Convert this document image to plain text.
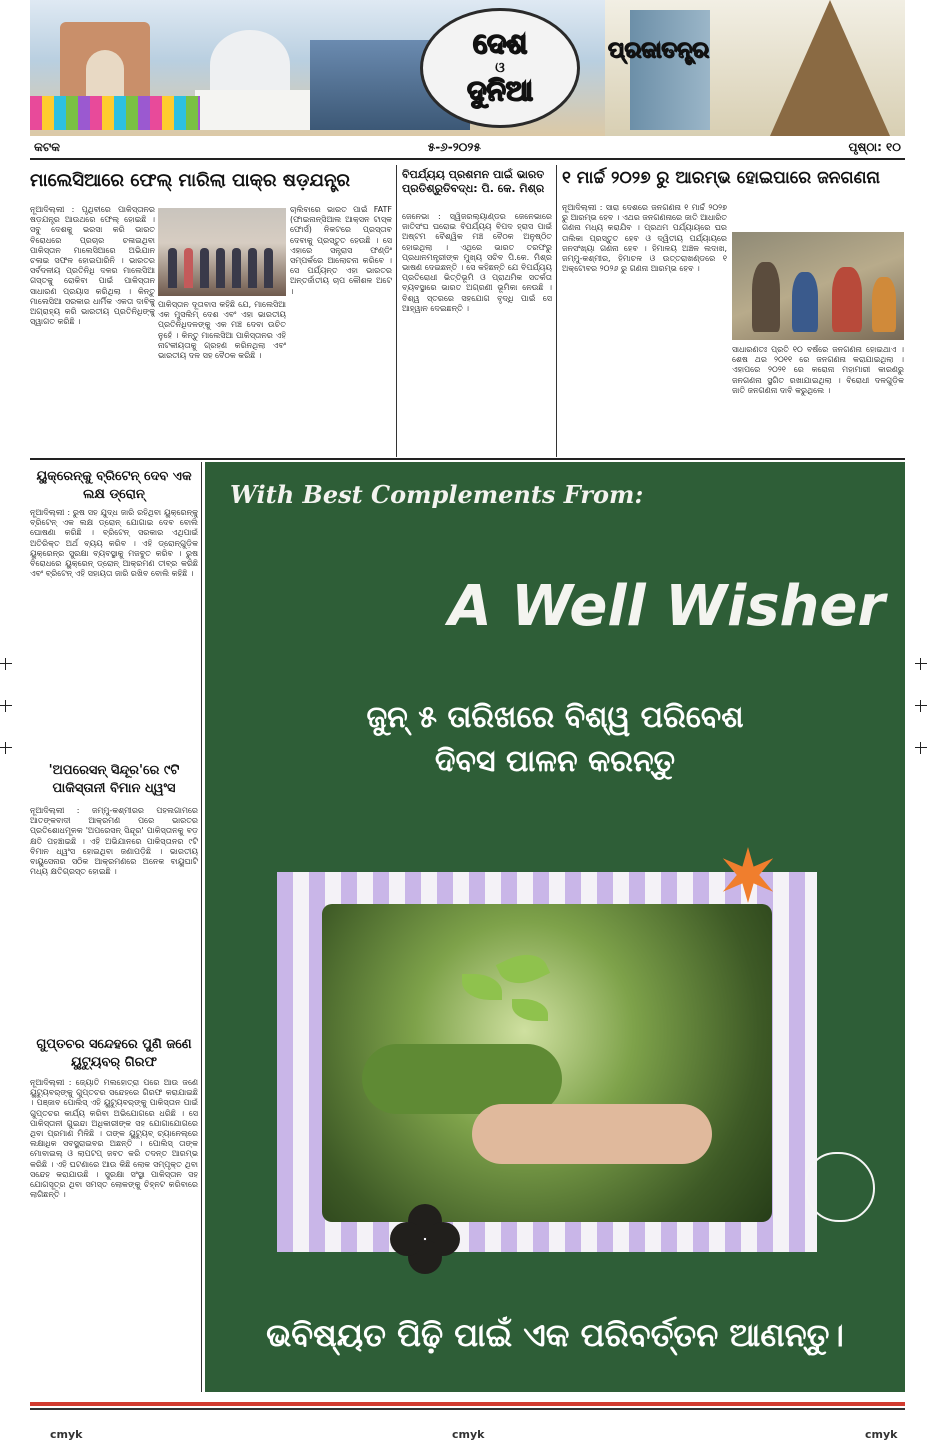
ଦେଶ
ଓ
ଦୁନିଆ
ପ୍ରଜାତନ୍ତ୍ର
କଟକ	୫-୬-୨୦୨୫	ପୃଷ୍ଠା: ୧୦
ମାଲେସିଆରେ ଫେଲ୍ ମାରିଲା ପାକ୍‌ର ଷଡ଼ଯନ୍ତ୍ର
ନୂଆଦିଲ୍ଲୀ : ପୃଥିବୀରେ ପାକିସ୍ତାନର ଷଡ଼ଯନ୍ତ୍ର ଆଉଥରେ ଫେଲ୍ ହୋଇଛି । ସବୁ ଦେଶକୁ ଭରସା କରି ଭାରତ ବିରୋଧରେ ପ୍ରଚାର ଚଳାଇଥିବା ପାକିସ୍ତାନ ମାଲେସିଆରେ ଅଭିଯାନ ଚଳାଇ ସଫଳ ହୋଇପାରିନି । ଭାରତର ସର୍ବଦଳୀୟ ପ୍ରତିନିଧି ଦଳର ମାଲେସିଆ ଗସ୍ତକୁ ରୋକିବା ପାଇଁ ପାକିସ୍ତାନ ସାଧାରଣ ପ୍ରୟାସ କରିଥିଲା । କିନ୍ତୁ ମାଲେସିଆ ସରକାର ଧାର୍ମିକ ଏକତା ଦାବିକୁ ଅଗ୍ରାହ୍ୟ କରି ଭାରତୀୟ ପ୍ରତିନିଧିଙ୍କୁ ସ୍ୱାଗତ କରିଛି ।
ପାକିସ୍ତାନ ଦୂତାବାସ କହିଛି ଯେ, ମାଲେସିଆ ଏକ ମୁସଲିମ୍ ଦେଶ ଏବଂ ଏହା ଭାରତୀୟ ପ୍ରତିନିଧିଦଳଙ୍କୁ ଏକ ମଞ୍ଚ ଦେବା ଉଚିତ ନୁହେଁ । କିନ୍ତୁ ମାଲେସିଆ ପାକିସ୍ତାନର ଏହି ନାଟକୀୟତାକୁ ଗ୍ରହଣ କରିନଥିଲା ଏବଂ ଭାରତୀୟ ଦଳ ସହ ବୈଠକ କରିଛି ।
ଚାଲିବାରେ ଭାରତ ପାଇଁ FATF (ଫାଇନାନ୍ସିଆଲ ଆକ୍ସନ ଟାସ୍କ ଫୋର୍ସ) ନିକଟରେ ପ୍ରସ୍ତାବ ଦେବାକୁ ପ୍ରସ୍ତୁତ ହେଉଛି । ସେ ଏହାରେ ସନ୍ତ୍ରାସ ଫଣ୍ଡିଂ ସମ୍ପର୍କରେ ଆଲୋଚନା କରିବେ । ସେ ପର୍ଯ୍ୟନ୍ତ ଏହା ଭାରତର ଅନ୍ତର୍ଜାତୀୟ ଚାପ କୌଶଳ ଅଟେ ।
ବିପର୍ଯ୍ୟୟ ପ୍ରଶମନ ପାଇଁ ଭାରତ ପ୍ରତିଶ୍ରୁତିବଦ୍ଧ: ପି. କେ. ମିଶ୍ର
ଜେନେଭା : ସ୍ୱିଜରଲ୍ୟାଣ୍ଡର ଜେନେଭାରେ ଜାତିସଂଘ ଘରୋଇ ବିପର୍ଯ୍ୟୟ ବିପଦ ହ୍ରାସ ପାଇଁ ଅଷ୍ଟମ ବୈଶ୍ୱିକ ମଞ୍ଚ ବୈଠକ ଅନୁଷ୍ଠିତ ହୋଇଥିଲା । ଏଥିରେ ଭାରତ ତରଫରୁ ପ୍ରଧାନମନ୍ତ୍ରୀଙ୍କ ମୁଖ୍ୟ ସଚିବ ପି.କେ. ମିଶ୍ର ଭାଷଣ ଦେଇଛନ୍ତି । ସେ କହିଛନ୍ତି ଯେ ବିପର୍ଯ୍ୟୟ ପ୍ରତିରୋଧୀ ଭିତ୍ତିଭୂମି ଓ ପ୍ରାଥମିକ ସତର୍କତା ବ୍ୟବସ୍ଥାରେ ଭାରତ ଅଗ୍ରଣୀ ଭୂମିକା ନେଉଛି । ବିଶ୍ୱ ସ୍ତରରେ ସହଯୋଗ ବୃଦ୍ଧି ପାଇଁ ସେ ଆହ୍ୱାନ ଦେଇଛନ୍ତି ।
୧ ମାର୍ଚ୍ଚ ୨୦୨୭ ରୁ ଆରମ୍ଭ ହୋଇପାରେ ଜନଗଣନା
ନୂଆଦିଲ୍ଲୀ : ସାରା ଦେଶରେ ଜନଗଣନା ୧ ମାର୍ଚ୍ଚ ୨୦୨୭ ରୁ ଆରମ୍ଭ ହେବ । ଏଥର ଜନଗଣନାରେ ଜାତି ଆଧାରିତ ଗଣନା ମଧ୍ୟ କରାଯିବ । ପ୍ରଥମ ପର୍ଯ୍ୟାୟରେ ଘର ତାଲିକା ପ୍ରସ୍ତୁତ ହେବ ଓ ଦ୍ୱିତୀୟ ପର୍ଯ୍ୟାୟରେ ଜନସଂଖ୍ୟା ଗଣନା ହେବ । ହିମାଳୟ ଅଞ୍ଚଳ ଲଦାଖ, ଜମ୍ମୁ-କଶ୍ମୀର, ହିମାଚଳ ଓ ଉତ୍ତରାଖଣ୍ଡରେ ୧ ଅକ୍ଟୋବର ୨୦୨୬ ରୁ ଗଣନା ଆରମ୍ଭ ହେବ ।
ସାଧାରଣତଃ ପ୍ରତି ୧୦ ବର୍ଷରେ ଜନଗଣନା ହୋଇଥାଏ । ଶେଷ ଥର ୨୦୧୧ ରେ ଜନଗଣନା କରାଯାଇଥିଲା । ଏହାପରେ ୨୦୨୧ ରେ କରୋନା ମହାମାରୀ କାରଣରୁ ଜନଗଣନା ସ୍ଥଗିତ ରଖାଯାଇଥିଲା । ବିରୋଧୀ ଦଳଗୁଡ଼ିକ ଜାତି ଜନଗଣନା ଦାବି କରୁଥିଲେ ।
ୟୁକ୍ରେନ୍‌କୁ ବ୍ରିଟେନ୍ ଦେବ ଏକ ଲକ୍ଷ ଡ୍ରୋନ୍
ନୂଆଦିଲ୍ଲୀ : ରୁଷ ସହ ଯୁଦ୍ଧ ଜାରି ରହିଥିବା ୟୁକ୍ରେନ୍‌କୁ ବ୍ରିଟେନ୍ ଏକ ଲକ୍ଷ ଡ୍ରୋନ୍ ଯୋଗାଇ ଦେବ ବୋଲି ଘୋଷଣା କରିଛି । ବ୍ରିଟେନ୍ ସରକାର ଏଥିପାଇଁ ଅତିରିକ୍ତ ଅର୍ଥ ବ୍ୟୟ କରିବ । ଏହି ଡ୍ରୋନ୍‌ଗୁଡ଼ିକ ୟୁକ୍ରେନ୍‌ର ସୁରକ୍ଷା ବ୍ୟବସ୍ଥାକୁ ମଜବୁତ କରିବ । ରୁଷ ବିରୋଧରେ ୟୁକ୍ରେନ୍ ଡ୍ରୋନ୍ ଆକ୍ରମଣ ତୀବ୍ର କରିଛି ଏବଂ ବ୍ରିଟେନ୍ ଏହି ସହାୟତା ଜାରି ରଖିବ ବୋଲି କହିଛି ।
'ଅପରେସନ୍ ସିନ୍ଦୂର'ରେ ୯ଟି ପାକିସ୍ତାନୀ ବିମାନ ଧ୍ୱଂସ
ନୂଆଦିଲ୍ଲୀ : ଜମ୍ମୁ-କଶ୍ମୀରର ପହଲଗାମରେ ଆତଙ୍କବାଦୀ ଆକ୍ରମଣ ପରେ ଭାରତର ପ୍ରତିଶୋଧମୂଳକ 'ଅପରେସନ୍ ସିନ୍ଦୂର' ପାକିସ୍ତାନକୁ ବଡ଼ କ୍ଷତି ପହଞ୍ଚାଇଛି । ଏହି ଅଭିଯାନରେ ପାକିସ୍ତାନର ୯ଟି ବିମାନ ଧ୍ୱଂସ ହୋଇଥିବା ଜଣାପଡ଼ିଛି । ଭାରତୀୟ ବାୟୁସେନାର ସଠିକ ଆକ୍ରମଣରେ ଅନେକ ବାୟୁଘାଟି ମଧ୍ୟ କ୍ଷତିଗ୍ରସ୍ତ ହୋଇଛି ।
ଗୁପ୍ତଚର ସନ୍ଦେହରେ ପୁଣି ଜଣେ ୟୁଟ୍ୟୁବର୍ ଗିରଫ
ନୂଆଦିଲ୍ଲୀ : ଜ୍ୟୋତି ମଲହୋତ୍ରା ପରେ ଆଉ ଜଣେ ୟୁଟ୍ୟୁବର୍‌ଙ୍କୁ ଗୁପ୍ତଚର ସନ୍ଦେହରେ ଗିରଫ କରାଯାଇଛି । ପଞ୍ଜାବ ପୋଲିସ୍ ଏହି ୟୁଟ୍ୟୁବର୍‌ଙ୍କୁ ପାକିସ୍ତାନ ପାଇଁ ଗୁପ୍ତଚର କାର୍ଯ୍ୟ କରିବା ଅଭିଯୋଗରେ ଧରିଛି । ସେ ପାକିସ୍ତାନୀ ଗୁଇନ୍ଦା ଅଧିକାରୀଙ୍କ ସହ ଯୋଗାଯୋଗରେ ଥିବା ପ୍ରମାଣ ମିଳିଛି । ତାଙ୍କ ୟୁଟ୍ୟୁବ୍ ଚ୍ୟାନେଲ୍‌ରେ ଲକ୍ଷାଧିକ ସବସ୍କ୍ରାଇବର ଅଛନ୍ତି । ପୋଲିସ୍ ତାଙ୍କ ମୋବାଇଲ୍ ଓ ଲାପଟପ୍ ଜବତ କରି ତଦନ୍ତ ଆରମ୍ଭ କରିଛି । ଏହି ଘଟଣାରେ ଆଉ କିଛି ଲୋକ ସମ୍ପୃକ୍ତ ଥିବା ସନ୍ଦେହ କରାଯାଉଛି । ସୁରକ୍ଷା ସଂସ୍ଥା ପାକିସ୍ତାନ ସହ ଯୋଗସୂତ୍ର ଥିବା ସମସ୍ତ ଲୋକଙ୍କୁ ଚିହ୍ନଟ କରିବାରେ ଲାଗିଛନ୍ତି ।
With Best Complements From:
A Well Wisher
ଜୁନ୍ ୫ ତାରିଖରେ ବିଶ୍ୱ ପରିବେଶ
ଦିବସ ପାଳନ କରନ୍ତୁ
ଭବିଷ୍ୟତ ପିଢ଼ି ପାଇଁ ଏକ ପରିବର୍ତ୍ତନ ଆଣନ୍ତୁ।
cmyk	cmyk	cmyk
